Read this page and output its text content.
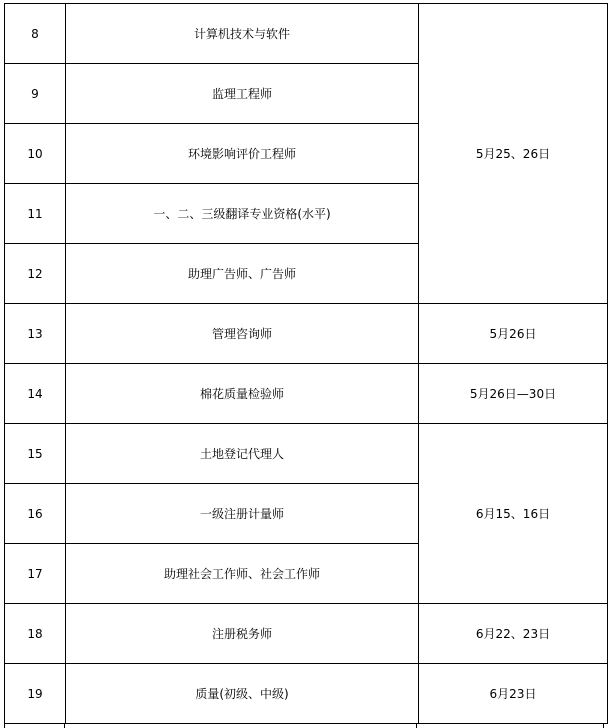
8	计算机技术与软件	5月25、26日
9	监理工程师	
10	环境影响评价工程师	
11	一、二、三级翻译专业资格(水平)	
12	助理广告师、广告师	
13	管理咨询师	5月26日
14	棉花质量检验师	5月26日—30日
15	土地登记代理人	6月15、16日
16	一级注册计量师	
17	助理社会工作师、社会工作师	
18	注册税务师	6月22、23日
19	质量(初级、中级)	6月23日
